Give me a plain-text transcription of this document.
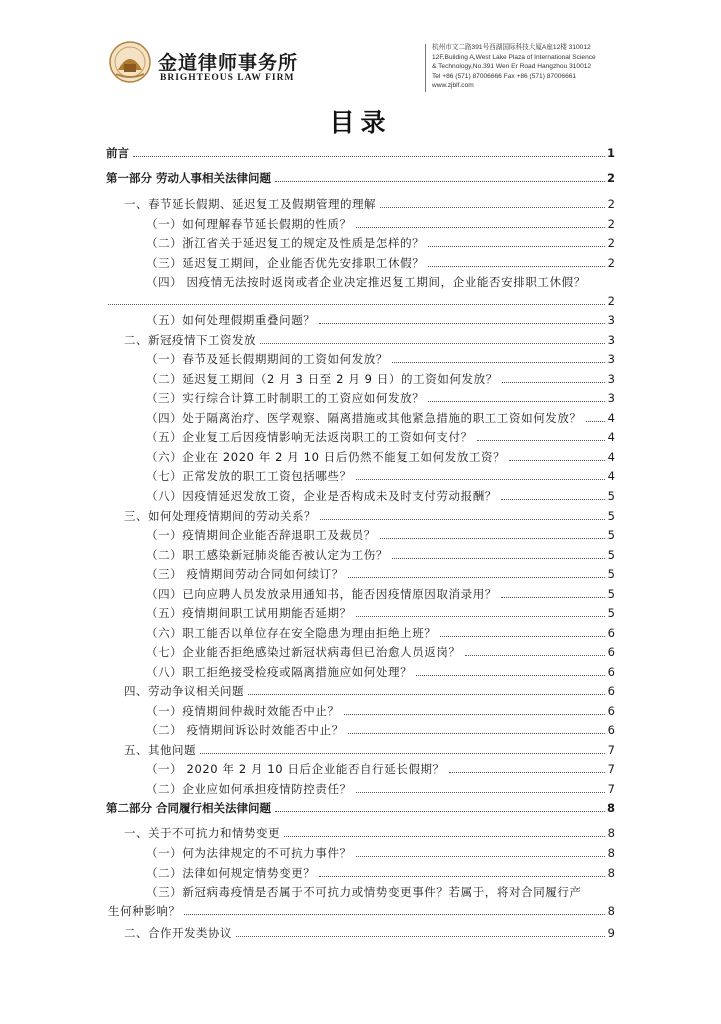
金道律师事务所
BRIGHTEOUS LAW FIRM
杭州市文二路391号西湖国际科技大厦A座12楼 310012
12F,Building A,West Lake Plaza of International Science
& Technology,No.391 Wen Er Road Hangzhou 310012
Tel +86 (571) 87006666 Fax +86 (571) 87006661
www.zjblf.com
目录
前言	1
第一部分 劳动人事相关法律问题	2
一、春节延长假期、延迟复工及假期管理的理解	2
（一）如何理解春节延长假期的性质？	2
（二）浙江省关于延迟复工的规定及性质是怎样的？	2
（三）延迟复工期间，企业能否优先安排职工休假？	2
（四） 因疫情无法按时返岗或者企业决定推迟复工期间，企业能否安排职工休假？
2
（五）如何处理假期重叠问题？	3
二、新冠疫情下工资发放	3
（一）春节及延长假期期间的工资如何发放？	3
（二）延迟复工期间（2 月 3 日至 2 月 9 日）的工资如何发放？	3
（三）实行综合计算工时制职工的工资应如何发放？	3
（四）处于隔离治疗、医学观察、隔离措施或其他紧急措施的职工工资如何发放？ 4
（五）企业复工后因疫情影响无法返岗职工的工资如何支付？	4
（六）企业在 2020 年 2 月 10 日后仍然不能复工如何发放工资？	4
（七）正常发放的职工工资包括哪些？	4
（八）因疫情延迟发放工资，企业是否构成未及时支付劳动报酬？	5
三、如何处理疫情期间的劳动关系？	5
（一）疫情期间企业能否辞退职工及裁员？	5
（二）职工感染新冠肺炎能否被认定为工伤？	5
（三） 疫情期间劳动合同如何续订？	5
（四）已向应聘人员发放录用通知书，能否因疫情原因取消录用？	5
（五）疫情期间职工试用期能否延期？	5
（六）职工能否以单位存在安全隐患为理由拒绝上班？	6
（七）企业能否拒绝感染过新冠状病毒但已治愈人员返岗？	6
（八）职工拒绝接受检疫或隔离措施应如何处理？	6
四、劳动争议相关问题	6
（一）疫情期间仲裁时效能否中止？	6
（二） 疫情期间诉讼时效能否中止？	6
五、其他问题	7
（一） 2020 年 2 月 10 日后企业能否自行延长假期？	7
（二）企业应如何承担疫情防控责任？	7
第二部分 合同履行相关法律问题	8
一、关于不可抗力和情势变更	8
（一）何为法律规定的不可抗力事件？	8
（二）法律如何规定情势变更？	8
（三）新冠病毒疫情是否属于不可抗力或情势变更事件？若属于，将对合同履行产
生何种影响？	8
二、合作开发类协议	9
